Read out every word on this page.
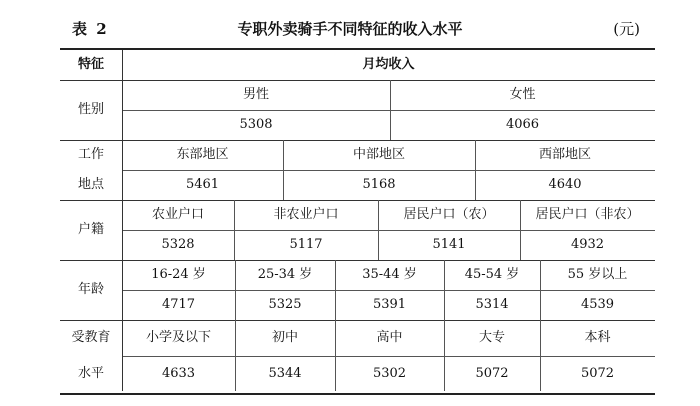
表 2	专职外卖骑手不同特征的收入水平	(元)
特征	月均收入
性别
男性	女性
5308	4066
工作
地点
东部地区	中部地区	西部地区
5461	5168	4640
户籍
农业户口	非农业户口	居民户口（农）	居民户口（非农）
5328	5117	5141	4932
年龄
16-24 岁	25-34 岁	35-44 岁	45-54 岁	55 岁以上
4717	5325	5391	5314	4539
受教育
水平
小学及以下	初中	高中	大专	本科
4633	5344	5302	5072	5072
